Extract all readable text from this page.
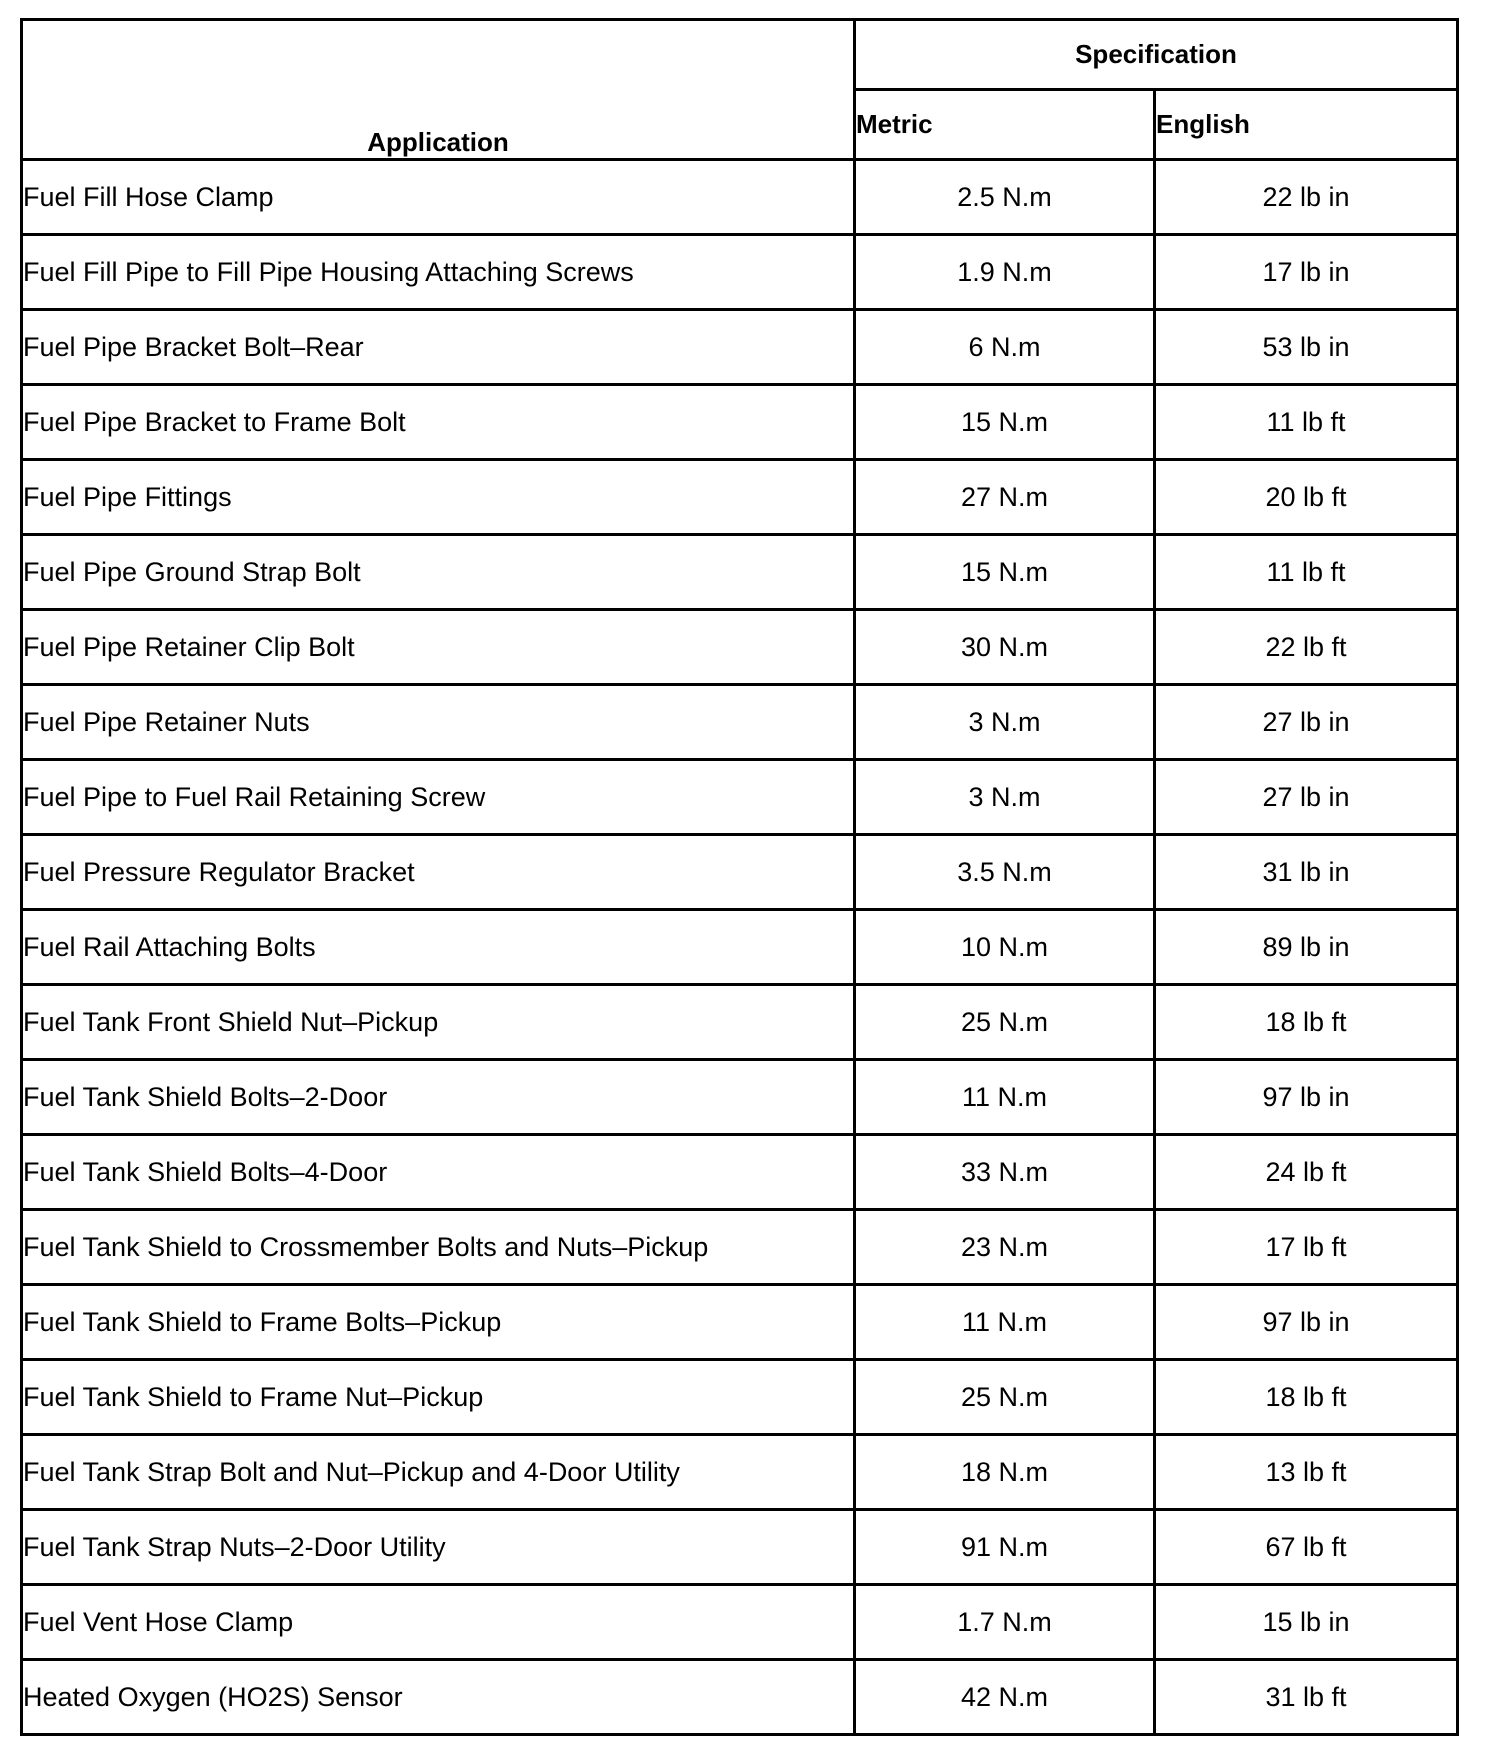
Application	Specification	
	Metric	English
Fuel Fill Hose Clamp	2.5 N.m	22 lb in
Fuel Fill Pipe to Fill Pipe Housing Attaching Screws	1.9 N.m	17 lb in
Fuel Pipe Bracket Bolt–Rear	6 N.m	53 lb in
Fuel Pipe Bracket to Frame Bolt	15 N.m	11 lb ft
Fuel Pipe Fittings	27 N.m	20 lb ft
Fuel Pipe Ground Strap Bolt	15 N.m	11 lb ft
Fuel Pipe Retainer Clip Bolt	30 N.m	22 lb ft
Fuel Pipe Retainer Nuts	3 N.m	27 lb in
Fuel Pipe to Fuel Rail Retaining Screw	3 N.m	27 lb in
Fuel Pressure Regulator Bracket	3.5 N.m	31 lb in
Fuel Rail Attaching Bolts	10 N.m	89 lb in
Fuel Tank Front Shield Nut–Pickup	25 N.m	18 lb ft
Fuel Tank Shield Bolts–2-Door	11 N.m	97 lb in
Fuel Tank Shield Bolts–4-Door	33 N.m	24 lb ft
Fuel Tank Shield to Crossmember Bolts and Nuts–Pickup	23 N.m	17 lb ft
Fuel Tank Shield to Frame Bolts–Pickup	11 N.m	97 lb in
Fuel Tank Shield to Frame Nut–Pickup	25 N.m	18 lb ft
Fuel Tank Strap Bolt and Nut–Pickup and 4-Door Utility	18 N.m	13 lb ft
Fuel Tank Strap Nuts–2-Door Utility	91 N.m	67 lb ft
Fuel Vent Hose Clamp	1.7 N.m	15 lb in
Heated Oxygen (HO2S) Sensor	42 N.m	31 lb ft
